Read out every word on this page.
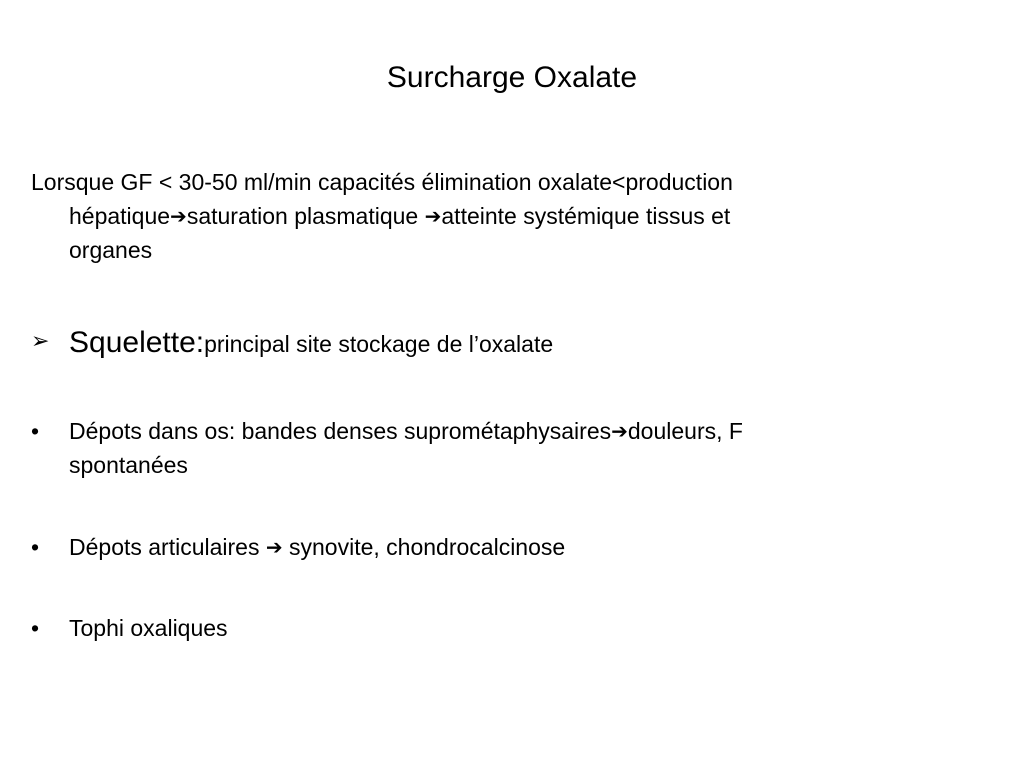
Surcharge Oxalate
Lorsque GF < 30-50 ml/min capacités élimination oxalate<production
hépatique➔saturation plasmatique ➔atteinte systémique tissus et
organes
➢ Squelette:principal site stockage de l’oxalate
•	Dépots dans os: bandes denses suprométaphysaires➔douleurs, F
spontanées
•	Dépots articulaires ➔ synovite, chondrocalcinose
•	Tophi oxaliques
